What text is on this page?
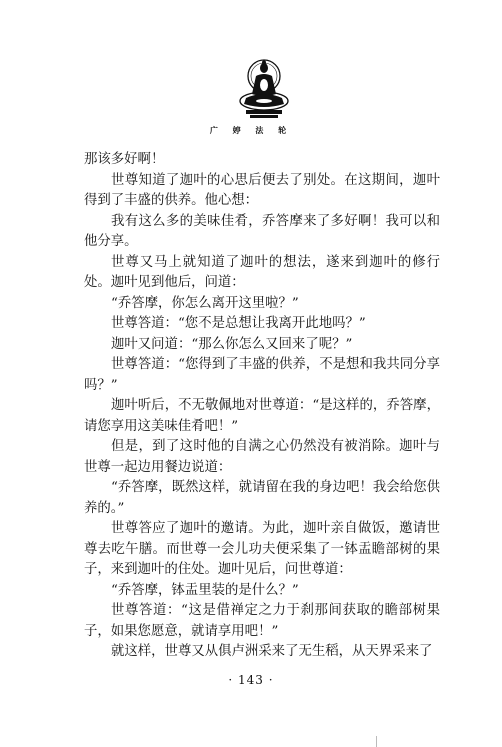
广 婷 法 轮

那该多好啊！

世尊知道了迦叶的心思后便去了别处。在这期间，迦叶得到了丰盛的供养。他心想：

我有这么多的美味佳肴，乔答摩来了多好啊！我可以和他分享。

世尊又马上就知道了迦叶的想法，遂来到迦叶的修行处。迦叶见到他后，问道：

“乔答摩，你怎么离开这里啦？”

世尊答道：“您不是总想让我离开此地吗？”

迦叶又问道：“那么你怎么又回来了呢？”

世尊答道：“您得到了丰盛的供养，不是想和我共同分享吗？”

迦叶听后，不无敬佩地对世尊道：“是这样的，乔答摩，请您享用这美味佳肴吧！”

但是，到了这时他的自满之心仍然没有被消除。迦叶与世尊一起边用餐边说道：

“乔答摩，既然这样，就请留在我的身边吧！我会给您供养的。”

世尊答应了迦叶的邀请。为此，迦叶亲自做饭，邀请世尊去吃午膳。而世尊一会儿功夫便采集了一钵盂瞻部树的果子，来到迦叶的住处。迦叶见后，问世尊道：

“乔答摩，钵盂里装的是什么？”

世尊答道：“这是借禅定之力于刹那间获取的瞻部树果子，如果您愿意，就请享用吧！”

就这样，世尊又从俱卢洲采来了无生稻，从天界采来了

· 143 ·
